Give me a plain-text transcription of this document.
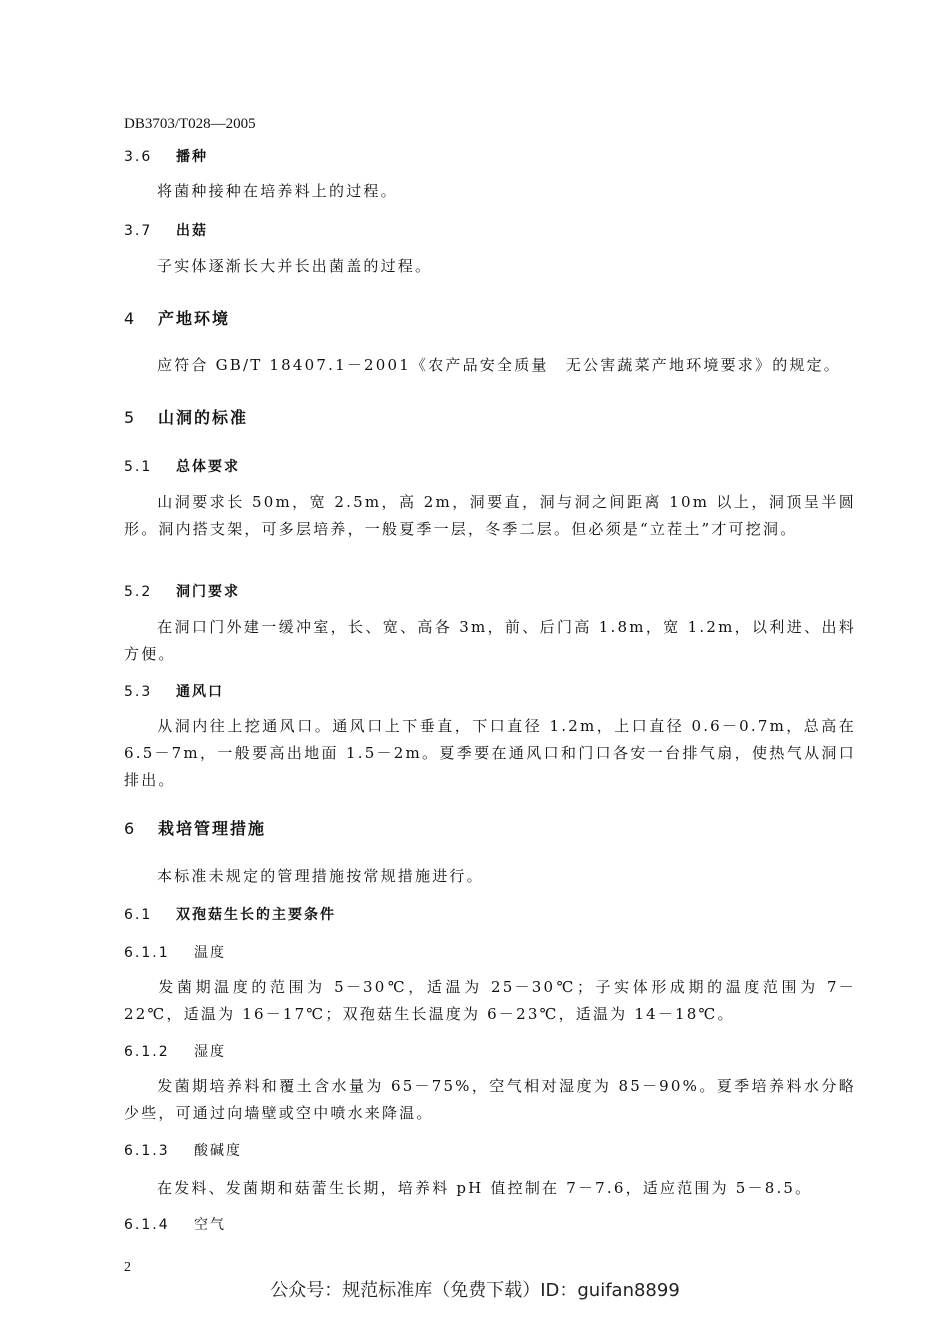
DB3703/T028—2005
3.6 播种
将菌种接种在培养料上的过程。
3.7 出菇
子实体逐渐长大并长出菌盖的过程。
4 产地环境
应符合 GB/T 18407.1－2001《农产品安全质量　无公害蔬菜产地环境要求》的规定。
5 山洞的标准
5.1 总体要求
山洞要求长 50m，宽 2.5m，高 2m，洞要直，洞与洞之间距离 10m 以上，洞顶呈半圆形。洞内搭支架，可多层培养，一般夏季一层，冬季二层。但必须是“立茬土”才可挖洞。
5.2 洞门要求
在洞口门外建一缓冲室，长、宽、高各 3m，前、后门高 1.8m，宽 1.2m，以利进、出料方便。
5.3 通风口
从洞内往上挖通风口。通风口上下垂直，下口直径 1.2m，上口直径 0.6－0.7m，总高在 6.5－7m，一般要高出地面 1.5－2m。夏季要在通风口和门口各安一台排气扇，使热气从洞口排出。
6 栽培管理措施
本标准未规定的管理措施按常规措施进行。
6.1 双孢菇生长的主要条件
6.1.1 温度
发菌期温度的范围为 5－30℃，适温为 25－30℃；子实体形成期的温度范围为 7－22℃，适温为 16－17℃；双孢菇生长温度为 6－23℃，适温为 14－18℃。
6.1.2 湿度
发菌期培养料和覆土含水量为 65－75%，空气相对湿度为 85－90%。夏季培养料水分略少些，可通过向墙壁或空中喷水来降温。
6.1.3 酸碱度
在发料、发菌期和菇蕾生长期，培养料 pH 值控制在 7－7.6，适应范围为 5－8.5。
6.1.4 空气
2
公众号：规范标准库（免费下载）ID：guifan8899
